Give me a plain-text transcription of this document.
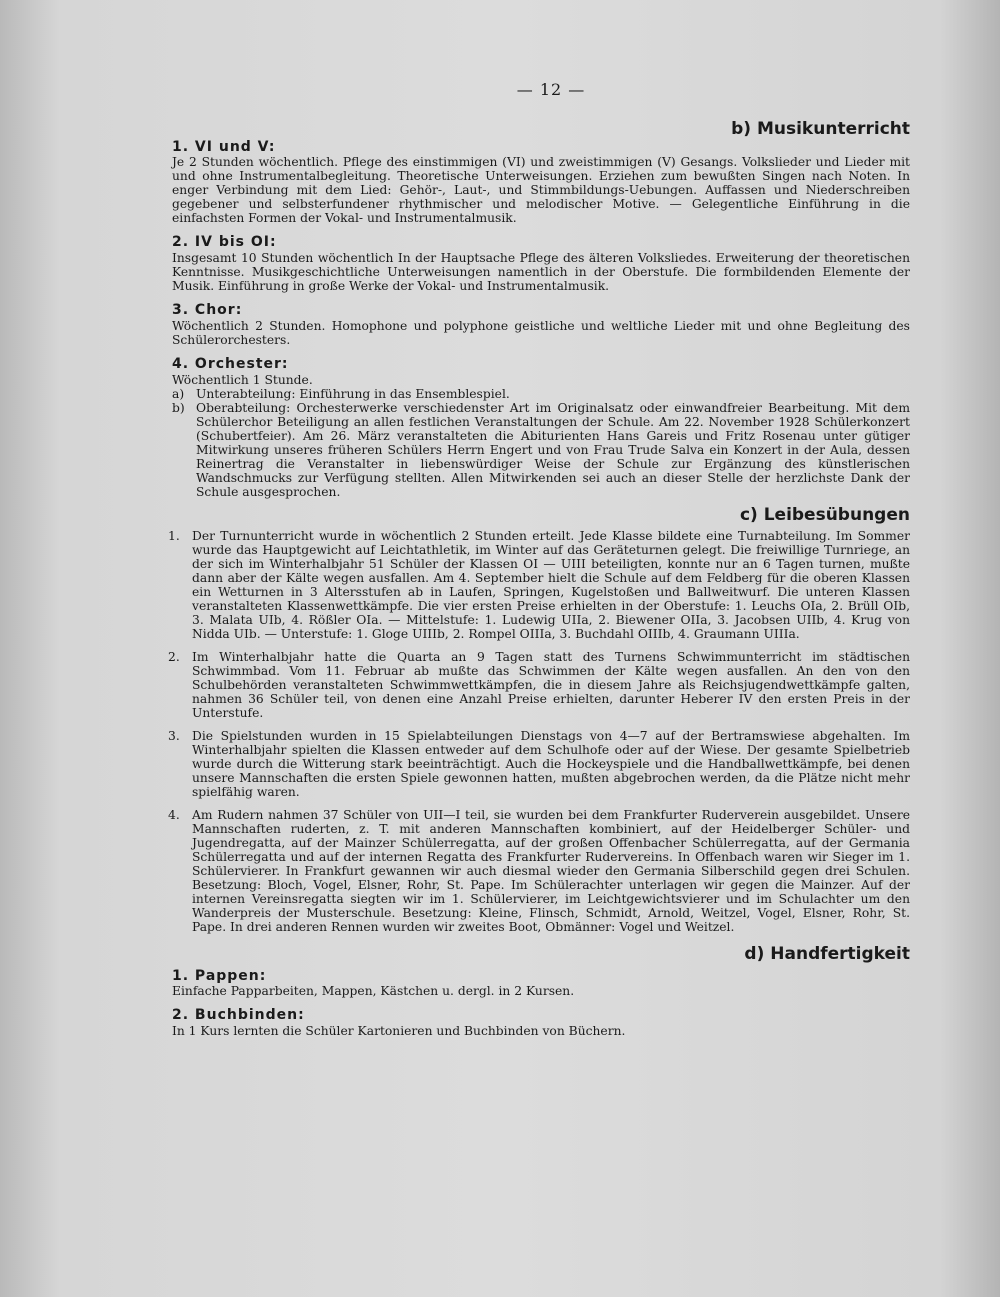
— 12 —
b) Musikunterricht
1. VI und V:

Je 2 Stunden wöchentlich. Pflege des einstimmigen (VI) und zweistimmigen (V) Gesangs. Volkslieder und Lieder mit und ohne Instrumentalbegleitung. Theoretische Unterweisungen. Erziehen zum bewußten Singen nach Noten. In enger Verbindung mit dem Lied: Gehör-, Laut-, und Stimmbildungs-Uebungen. Auffassen und Niederschreiben gegebener und selbsterfundener rhythmischer und melodischer Motive. — Gelegentliche Einführung in die einfachsten Formen der Vokal- und Instrumentalmusik.

2. IV bis OI:

Insgesamt 10 Stunden wöchentlich In der Hauptsache Pflege des älteren Volksliedes. Erweiterung der theoretischen Kenntnisse. Musikgeschichtliche Unterweisungen namentlich in der Oberstufe. Die formbildenden Elemente der Musik. Einführung in große Werke der Vokal- und Instrumentalmusik.

3. Chor:

Wöchentlich 2 Stunden. Homophone und polyphone geistliche und weltliche Lieder mit und ohne Begleitung des Schülerorchesters.

4. Orchester:

Wöchentlich 1 Stunde.

a) Unterabteilung: Einführung in das Ensemblespiel.
b) Oberabteilung: Orchesterwerke verschiedenster Art im Originalsatz oder einwandfreier Bearbeitung. Mit dem Schülerchor Beteiligung an allen festlichen Veranstaltungen der Schule. Am 22. November 1928 Schülerkonzert (Schubertfeier). Am 26. März veranstalteten die Abiturienten Hans Gareis und Fritz Rosenau unter gütiger Mitwirkung unseres früheren Schülers Herrn Engert und von Frau Trude Salva ein Konzert in der Aula, dessen Reinertrag die Veranstalter in liebenswürdiger Weise der Schule zur Ergänzung des künstlerischen Wandschmucks zur Verfügung stellten. Allen Mitwirkenden sei auch an dieser Stelle der herzlichste Dank der Schule ausgesprochen.
c) Leibesübungen
1. Der Turnunterricht wurde in wöchentlich 2 Stunden erteilt. Jede Klasse bildete eine Turnabteilung. Im Sommer wurde das Hauptgewicht auf Leichtathletik, im Winter auf das Geräteturnen gelegt. Die freiwillige Turnriege, an der sich im Winterhalbjahr 51 Schüler der Klassen OI — UIII beteiligten, konnte nur an 6 Tagen turnen, mußte dann aber der Kälte wegen ausfallen. Am 4. September hielt die Schule auf dem Feldberg für die oberen Klassen ein Wetturnen in 3 Altersstufen ab in Laufen, Springen, Kugelstoßen und Ballweitwurf. Die unteren Klassen veranstalteten Klassenwettkämpfe. Die vier ersten Preise erhielten in der Oberstufe: 1. Leuchs OIa, 2. Brüll OIb, 3. Malata UIb, 4. Rößler OIa. — Mittelstufe: 1. Ludewig UIIa, 2. Biewener OIIa, 3. Jacobsen UIIb, 4. Krug von Nidda UIb. — Unterstufe: 1. Gloge UIIIb, 2. Rompel OIIIa, 3. Buchdahl OIIIb, 4. Graumann UIIIa.
2. Im Winterhalbjahr hatte die Quarta an 9 Tagen statt des Turnens Schwimmunterricht im städtischen Schwimmbad. Vom 11. Februar ab mußte das Schwimmen der Kälte wegen ausfallen. An den von den Schulbehörden veranstalteten Schwimmwettkämpfen, die in diesem Jahre als Reichsjugendwettkämpfe galten, nahmen 36 Schüler teil, von denen eine Anzahl Preise erhielten, darunter Heberer IV den ersten Preis in der Unterstufe.
3. Die Spielstunden wurden in 15 Spielabteilungen Dienstags von 4—7 auf der Bertramswiese abgehalten. Im Winterhalbjahr spielten die Klassen entweder auf dem Schulhofe oder auf der Wiese. Der gesamte Spielbetrieb wurde durch die Witterung stark beeinträchtigt. Auch die Hockeyspiele und die Handballwettkämpfe, bei denen unsere Mannschaften die ersten Spiele gewonnen hatten, mußten abgebrochen werden, da die Plätze nicht mehr spielfähig waren.
4. Am Rudern nahmen 37 Schüler von UII—I teil, sie wurden bei dem Frankfurter Ruderverein ausgebildet. Unsere Mannschaften ruderten, z. T. mit anderen Mannschaften kombiniert, auf der Heidelberger Schüler- und Jugendregatta, auf der Mainzer Schülerregatta, auf der großen Offenbacher Schülerregatta, auf der Germania Schülerregatta und auf der internen Regatta des Frankfurter Rudervereins. In Offenbach waren wir Sieger im 1. Schülervierer. In Frankfurt gewannen wir auch diesmal wieder den Germania Silberschild gegen drei Schulen. Besetzung: Bloch, Vogel, Elsner, Rohr, St. Pape. Im Schülerachter unterlagen wir gegen die Mainzer. Auf der internen Vereinsregatta siegten wir im 1. Schülervierer, im Leichtgewichtsvierer und im Schulachter um den Wanderpreis der Musterschule. Besetzung: Kleine, Flinsch, Schmidt, Arnold, Weitzel, Vogel, Elsner, Rohr, St. Pape. In drei anderen Rennen wurden wir zweites Boot, Obmänner: Vogel und Weitzel.
d) Handfertigkeit
1. Pappen:

Einfache Papparbeiten, Mappen, Kästchen u. dergl. in 2 Kursen.

2. Buchbinden:

In 1 Kurs lernten die Schüler Kartonieren und Buchbinden von Büchern.
